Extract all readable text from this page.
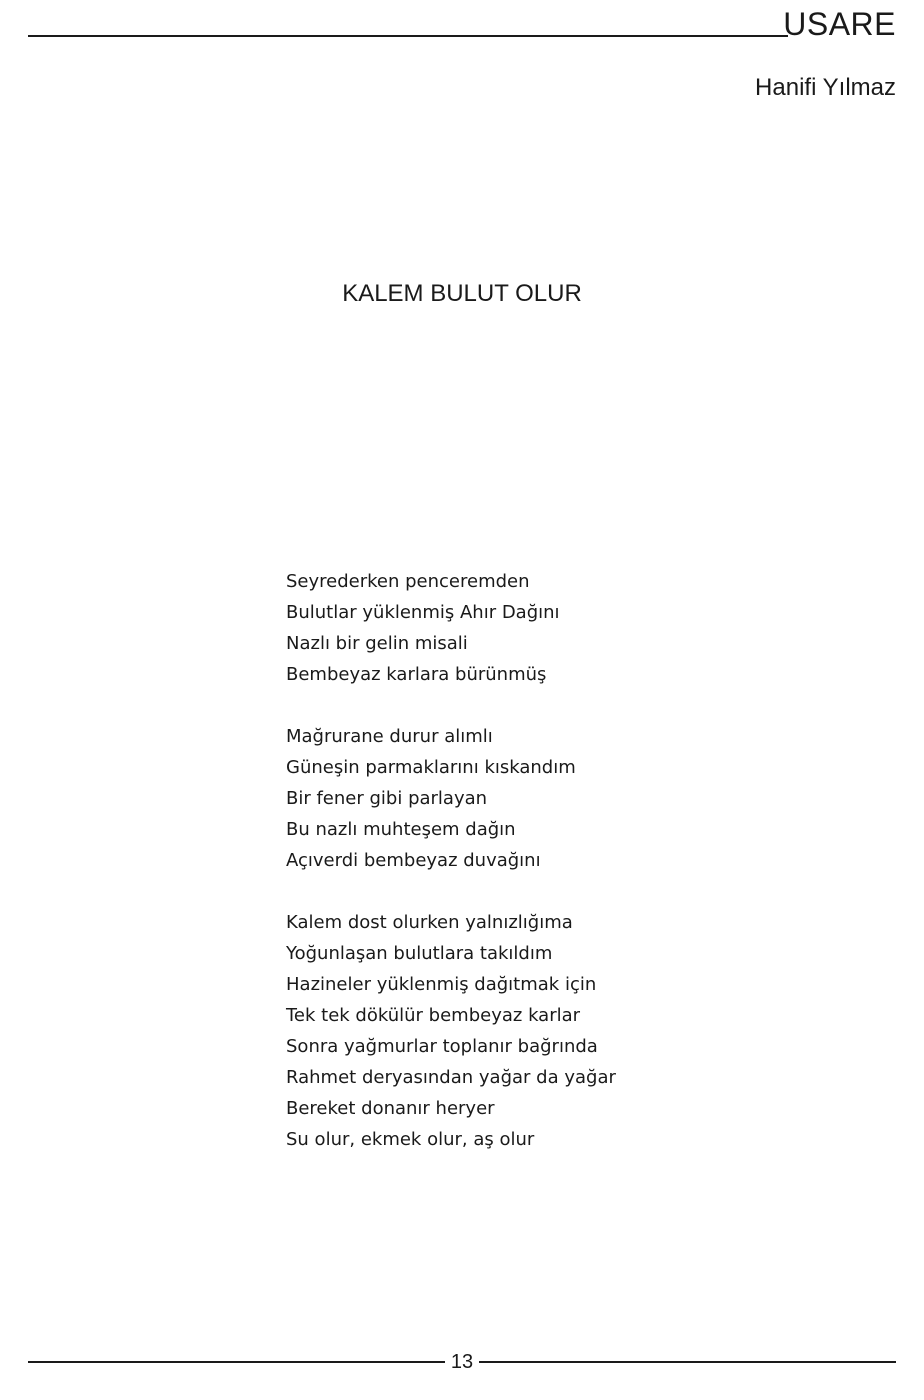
USARE
Hanifi Yılmaz
KALEM BULUT OLUR
Seyrederken penceremden
Bulutlar yüklenmiş Ahır Dağını
Nazlı bir gelin misali
Bembeyaz karlara bürünmüş
Mağrurane durur alımlı
Güneşin parmaklarını kıskandım
Bir fener gibi parlayan
Bu nazlı muhteşem dağın
Açıverdi bembeyaz duvağını
Kalem dost olurken yalnızlığıma
Yoğunlaşan bulutlara takıldım
Hazineler yüklenmiş dağıtmak için
Tek tek dökülür bembeyaz karlar
Sonra yağmurlar toplanır bağrında
Rahmet deryasından yağar da yağar
Bereket donanır heryer
Su olur, ekmek olur, aş olur
13
